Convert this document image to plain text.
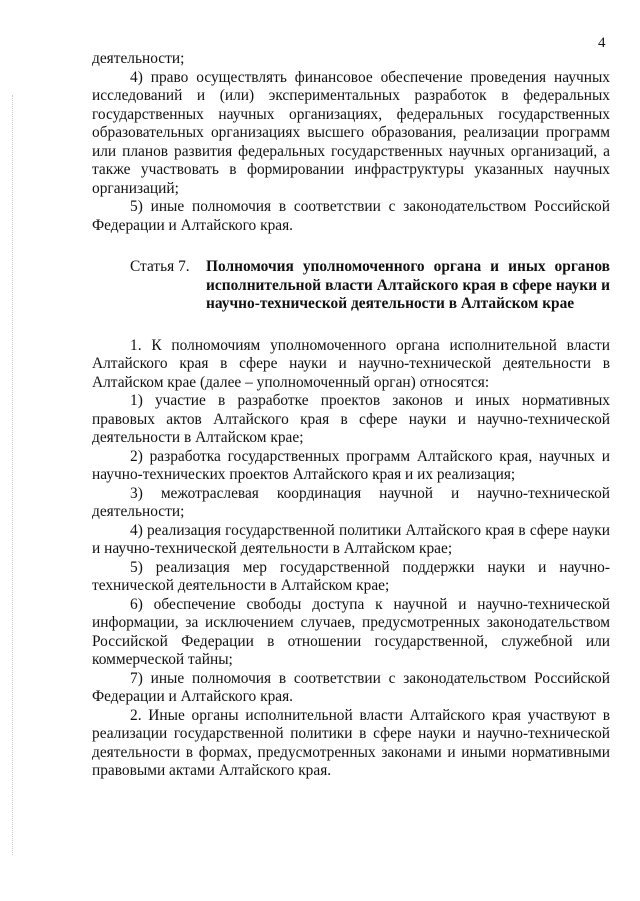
4

деятельности;

4) право осуществлять финансовое обеспечение проведения научных исследований и (или) экспериментальных разработок в федеральных государственных научных организациях, федеральных государственных образовательных организациях высшего образования, реализации программ или планов развития федеральных государственных научных организаций, а также участвовать в формировании инфраструктуры указанных научных организаций;

5) иные полномочия в соответствии с законодательством Российской Федерации и Алтайского края.

Статья 7.	Полномочия уполномоченного органа и иных органов исполнительной власти Алтайского края в сфере науки и научно-технической деятельности в Алтайском крае

1. К полномочиям уполномоченного органа исполнительной власти Алтайского края в сфере науки и научно-технической деятельности в Алтайском крае (далее – уполномоченный орган) относятся:

1) участие в разработке проектов законов и иных нормативных правовых актов Алтайского края в сфере науки и научно-технической деятельности в Алтайском крае;

2) разработка государственных программ Алтайского края, научных и научно-технических проектов Алтайского края и их реализация;

3) межотраслевая координация научной и научно-технической деятельности;

4) реализация государственной политики Алтайского края в сфере науки и научно-технической деятельности в Алтайском крае;

5) реализация мер государственной поддержки науки и научно-технической деятельности в Алтайском крае;

6) обеспечение свободы доступа к научной и научно-технической информации, за исключением случаев, предусмотренных законодательством Российской Федерации в отношении государственной, служебной или коммерческой тайны;

7) иные полномочия в соответствии с законодательством Российской Федерации и Алтайского края.

2. Иные органы исполнительной власти Алтайского края участвуют в реализации государственной политики в сфере науки и научно-технической деятельности в формах, предусмотренных законами и иными нормативными правовыми актами Алтайского края.
